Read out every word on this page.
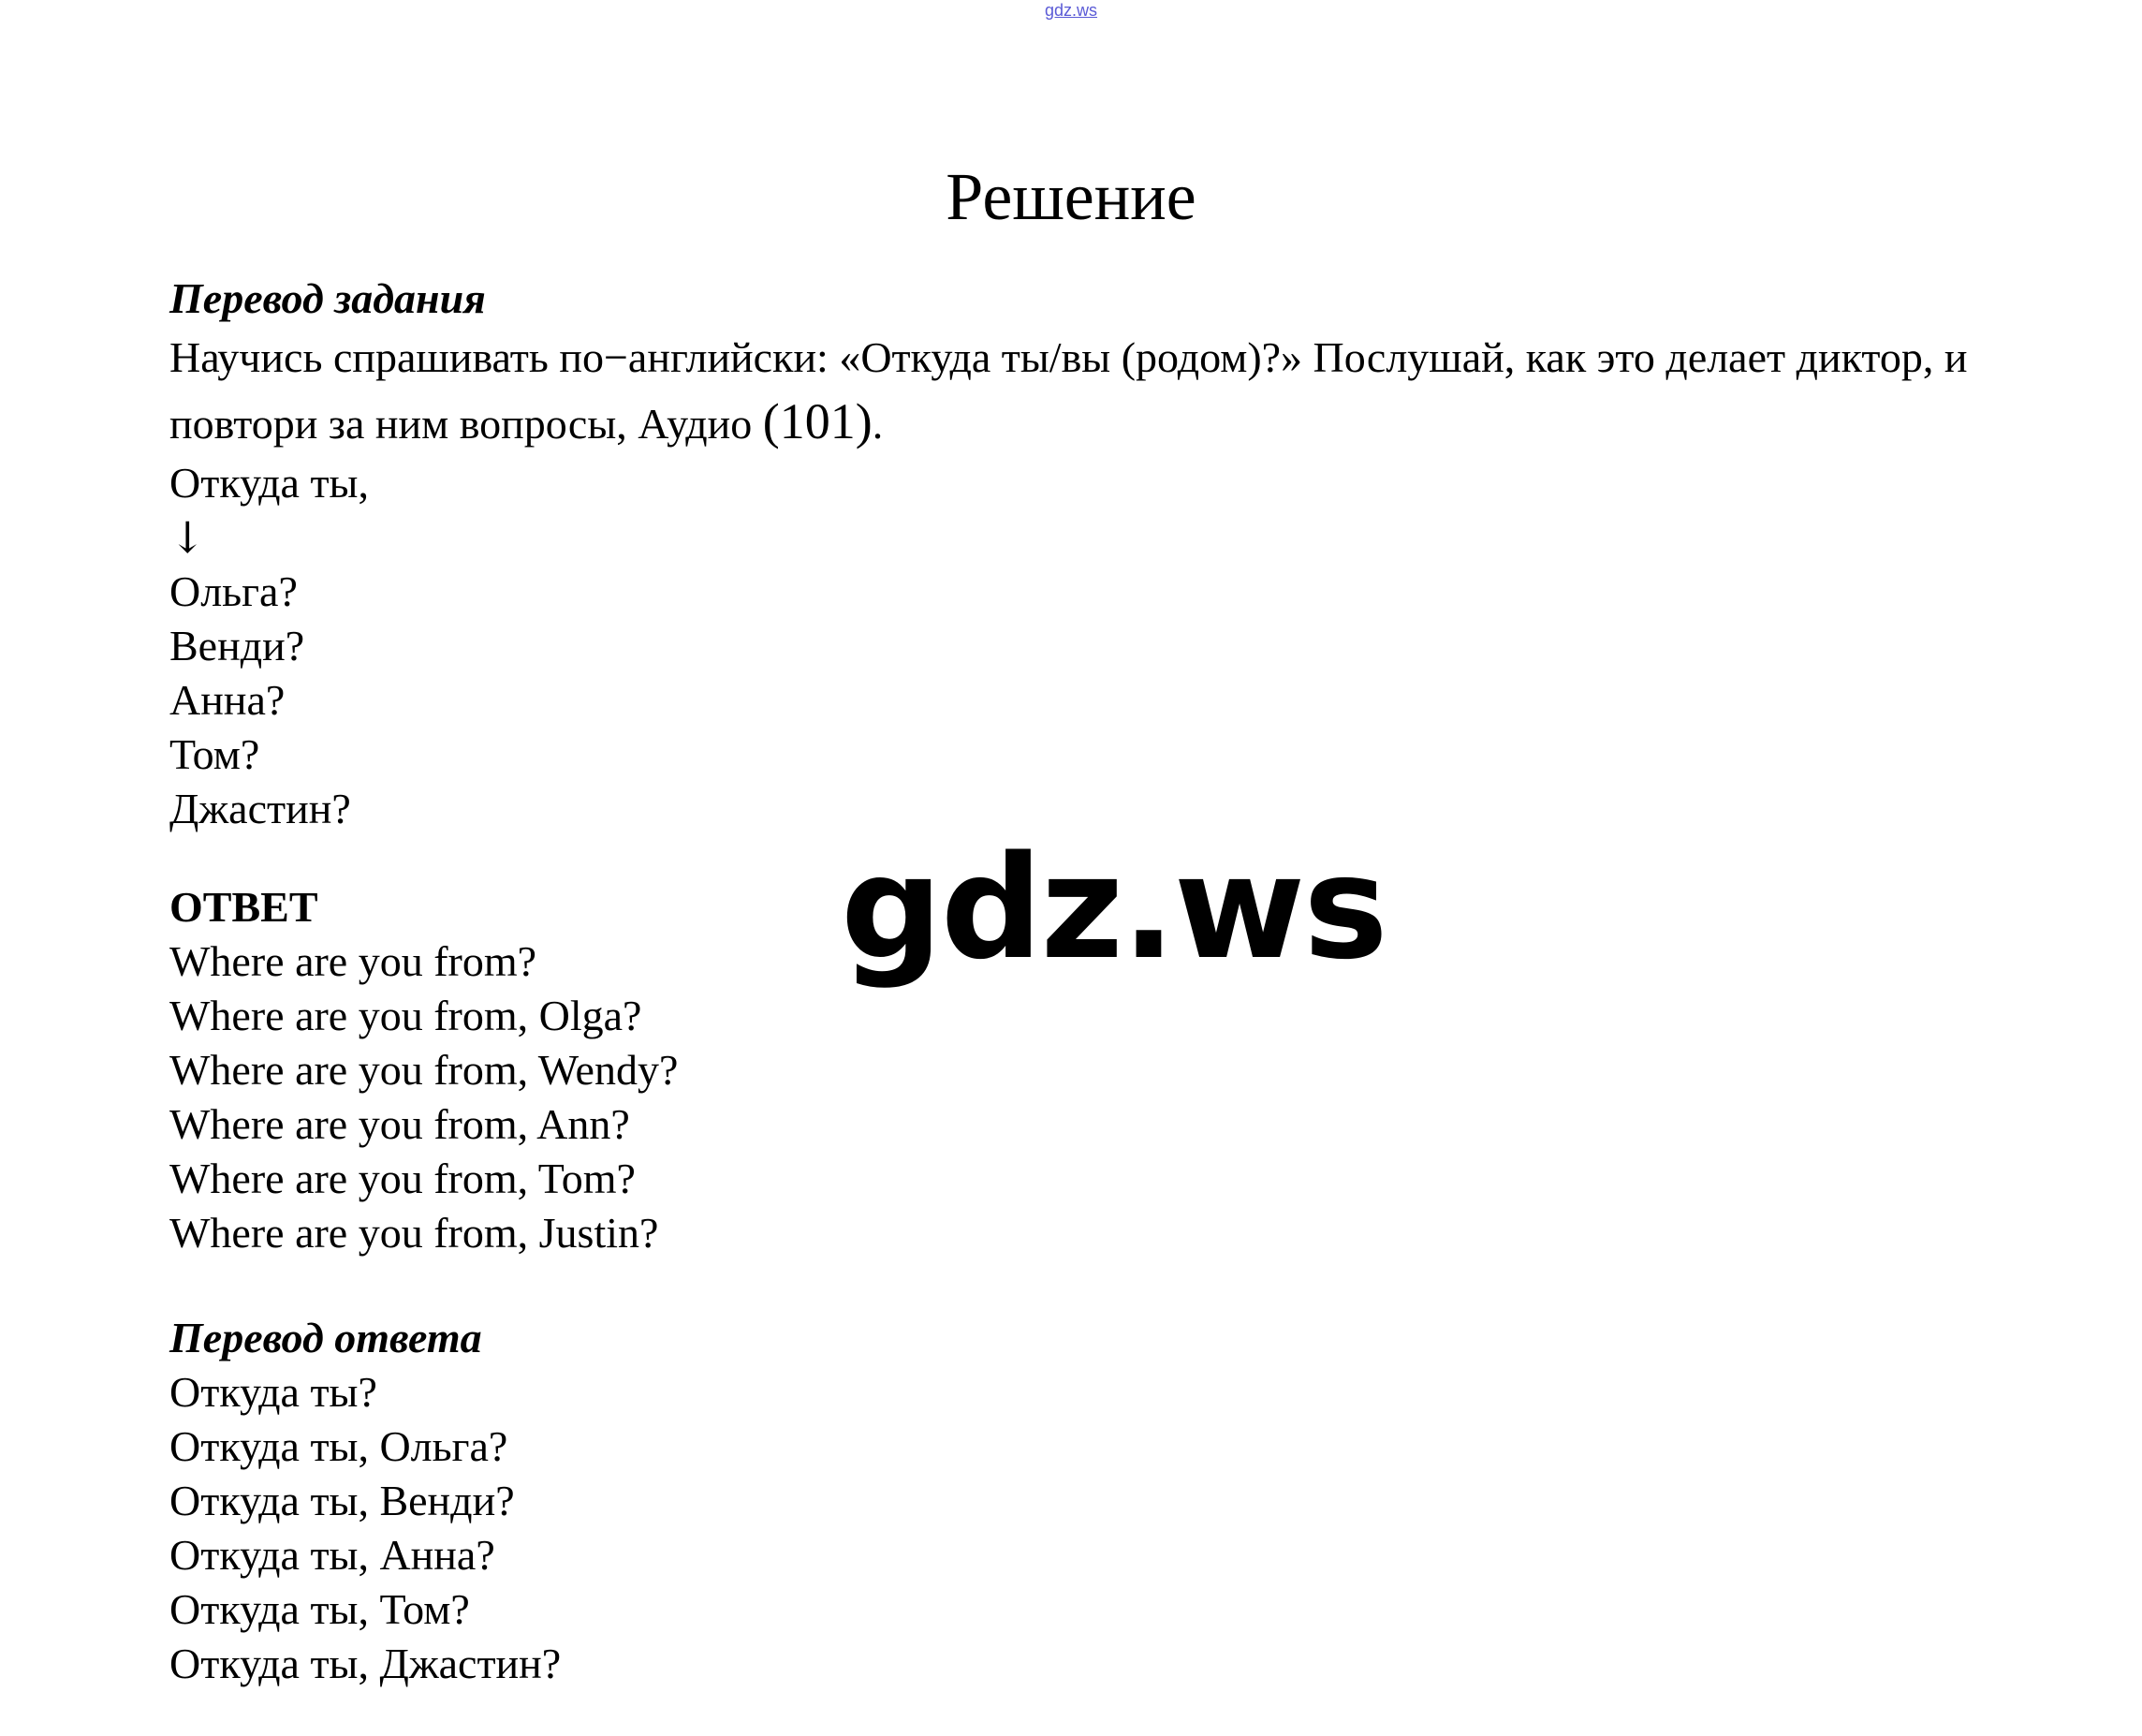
gdz.ws
Решение
Перевод задания
Научись спрашивать по−английски: «Откуда ты/вы (родом)?» Послушай, как это делает диктор, и повтори за ним вопросы, Аудио (101).
Откуда ты,
↓
Ольга?
Венди?
Анна?
Том?
Джастин?
ОТВЕТ
Where are you from?
Where are you from, Olga?
Where are you from, Wendy?
Where are you from, Ann?
Where are you from, Tom?
Where are you from, Justin?
Перевод ответа
Откуда ты?
Откуда ты, Ольга?
Откуда ты, Венди?
Откуда ты, Анна?
Откуда ты, Том?
Откуда ты, Джастин?
gdz.ws
